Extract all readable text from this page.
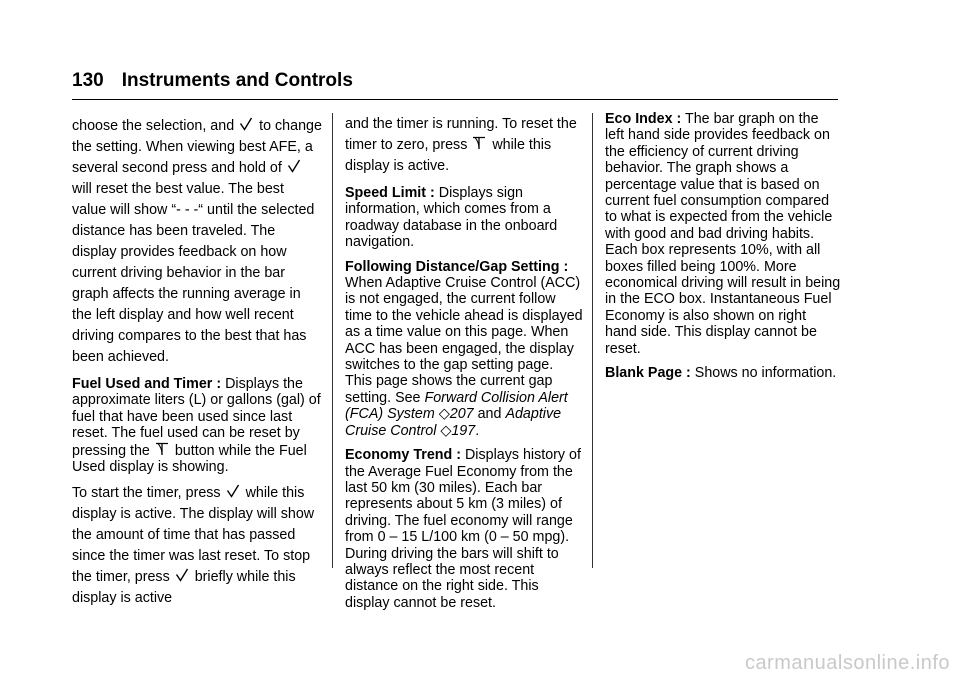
130 Instruments and Controls

choose the selection, and to change the setting. When viewing best AFE, a several second press and hold of
will reset the best value. The best value will show “- - -“ until the selected distance has been traveled. The display provides feedback on how current driving behavior in the bar graph affects the running average in the left display and how well recent driving compares to the best that has been achieved.

Fuel Used and Timer : Displays the approximate liters (L) or gallons (gal) of fuel that have been used since last reset. The fuel used can be reset by pressing the button while the Fuel Used display is showing.

To start the timer, press while this display is active. The display will show the amount of time that has passed since the timer was last reset. To stop the timer, press briefly while this display is active

and the timer is running. To reset the timer to zero, press while this display is active.

Speed Limit : Displays sign information, which comes from a roadway database in the onboard navigation.

Following Distance/Gap Setting : When Adaptive Cruise Control (ACC) is not engaged, the current follow time to the vehicle ahead is displayed as a time value on this page. When ACC has been engaged, the display switches to the gap setting page. This page shows the current gap setting. See Forward Collision Alert (FCA) System ◇207 and Adaptive Cruise Control ◇197.

Economy Trend : Displays history of the Average Fuel Economy from the last 50 km (30 miles). Each bar represents about 5 km (3 miles) of driving. The fuel economy will range from 0 – 15 L/100 km (0 – 50 mpg). During driving the bars will shift to always reflect the most recent distance on the right side. This display cannot be reset.

Eco Index : The bar graph on the left hand side provides feedback on the efficiency of current driving behavior. The graph shows a percentage value that is based on current fuel consumption compared to what is expected from the vehicle with good and bad driving habits. Each box represents 10%, with all boxes filled being 100%. More economical driving will result in being in the ECO box. Instantaneous Fuel Economy is also shown on right hand side. This display cannot be reset.

Blank Page : Shows no information.

carmanualsonline.info
